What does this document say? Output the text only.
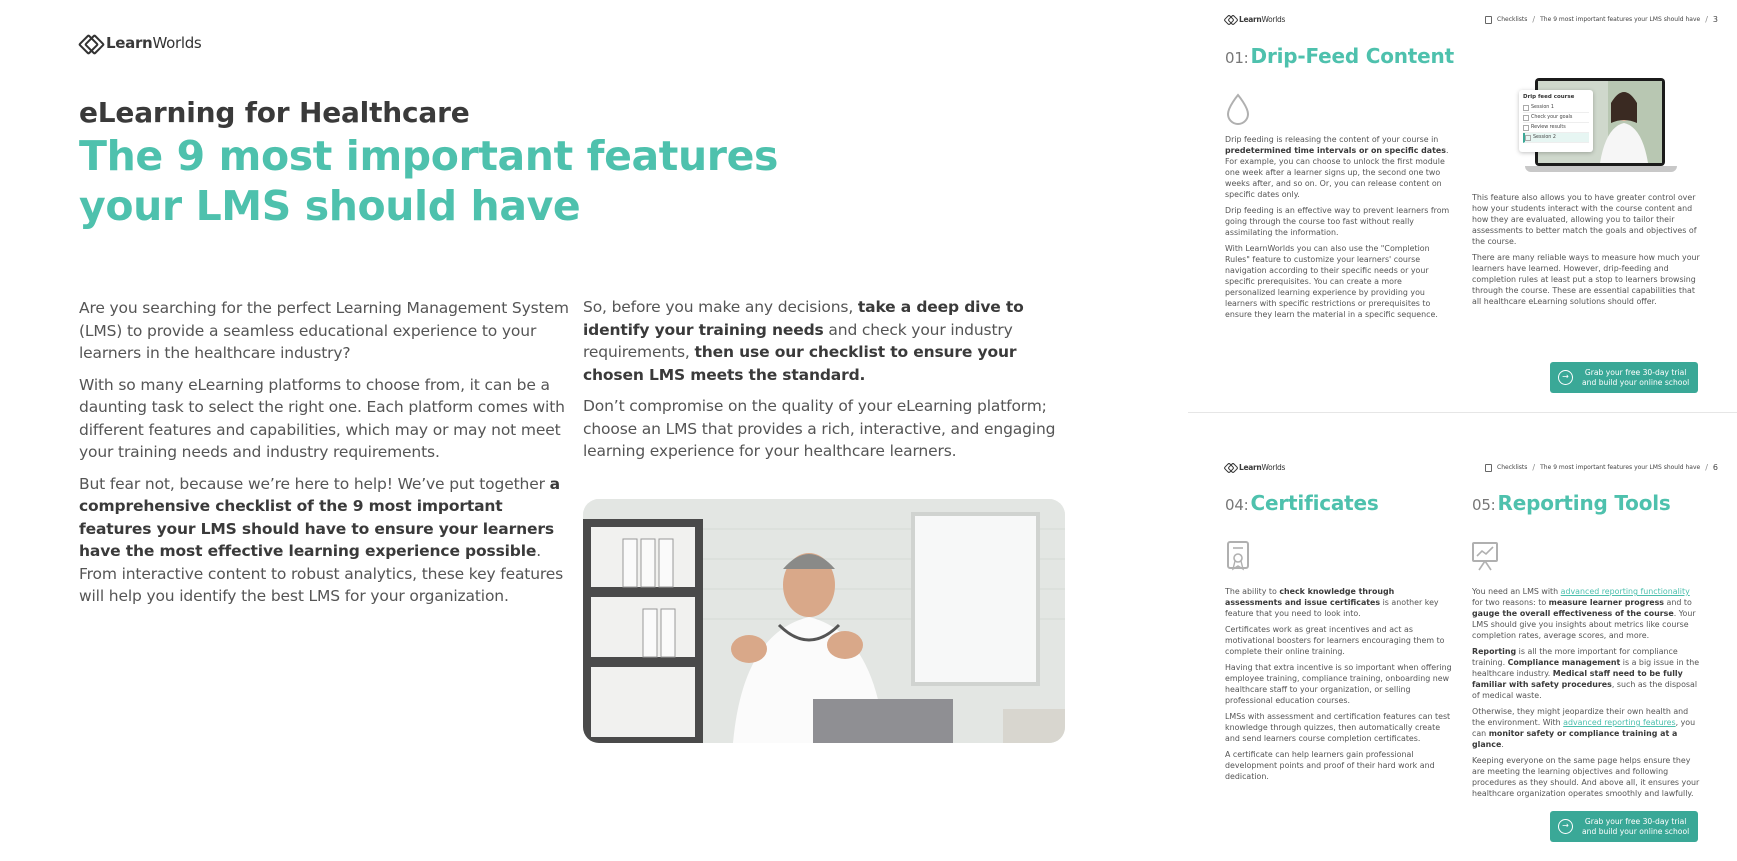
LearnWorlds
eLearning for Healthcare
The 9 most important features
your LMS should have

Are you searching for the perfect Learning Management System (LMS) to provide a seamless educational experience to your learners in the healthcare industry?

With so many eLearning platforms to choose from, it can be a daunting task to select the right one. Each platform comes with different features and capabilities, which may or may not meet your training needs and industry requirements.

But fear not, because we’re here to help! We’ve put together a comprehensive checklist of the 9 most important features your LMS should have to ensure your learners have the most effective learning experience possible. From interactive content to robust analytics, these key features will help you identify the best LMS for your organization.

So, before you make any decisions, take a deep dive to identify your training needs and check your industry requirements, then use our checklist to ensure your chosen LMS meets the standard.

Don’t compromise on the quality of your eLearning platform; choose an LMS that provides a rich, interactive, and engaging learning experience for your healthcare learners.

LearnWorlds	Checklists / The 9 most important features your LMS should have / 3
01: Drip-Feed Content

Drip feeding is releasing the content of your course in predetermined time intervals or on specific dates. For example, you can choose to unlock the first module one week after a learner signs up, the second one two weeks after, and so on. Or, you can release content on specific dates only.

Drip feeding is an effective way to prevent learners from going through the course too fast without really assimilating the information.

With LearnWorlds you can also use the "Completion Rules" feature to customize your learners' course navigation according to their specific needs or your specific prerequisites. You can create a more personalized learning experience by providing you learners with specific restrictions or prerequisites to ensure they learn the material in a specific sequence.

Drip feed course
Session 1
Check your goals
Review results
Session 2

This feature also allows you to have greater control over how your students interact with the course content and how they are evaluated, allowing you to tailor their assessments to better match the goals and objectives of the course.

There are many reliable ways to measure how much your learners have learned. However, drip-feeding and completion rules at least put a stop to learners browsing through the course. These are essential capabilities that all healthcare eLearning solutions should offer.

→	Grab your free 30-day trial
and build your online school
LearnWorlds	Checklists / The 9 most important features your LMS should have / 6
04: Certificates	05: Reporting Tools

The ability to check knowledge through assessments and issue certificates is another key feature that you need to look into.

Certificates work as great incentives and act as motivational boosters for learners encouraging them to complete their online training.

Having that extra incentive is so important when offering employee training, compliance training, onboarding new healthcare staff to your organization, or selling professional education courses.

LMSs with assessment and certification features can test knowledge through quizzes, then automatically create and send learners course completion certificates.

A certificate can help learners gain professional development points and proof of their hard work and dedication.

You need an LMS with advanced reporting functionality for two reasons: to measure learner progress and to gauge the overall effectiveness of the course. Your LMS should give you insights about metrics like course completion rates, average scores, and more.

Reporting is all the more important for compliance training. Compliance management is a big issue in the healthcare industry. Medical staff need to be fully familiar with safety procedures, such as the disposal of medical waste.

Otherwise, they might jeopardize their own health and the environment. With advanced reporting features, you can monitor safety or compliance training at a glance.

Keeping everyone on the same page helps ensure they are meeting the learning objectives and following procedures as they should. And above all, it ensures your healthcare organization operates smoothly and lawfully.

→	Grab your free 30-day trial
and build your online school
